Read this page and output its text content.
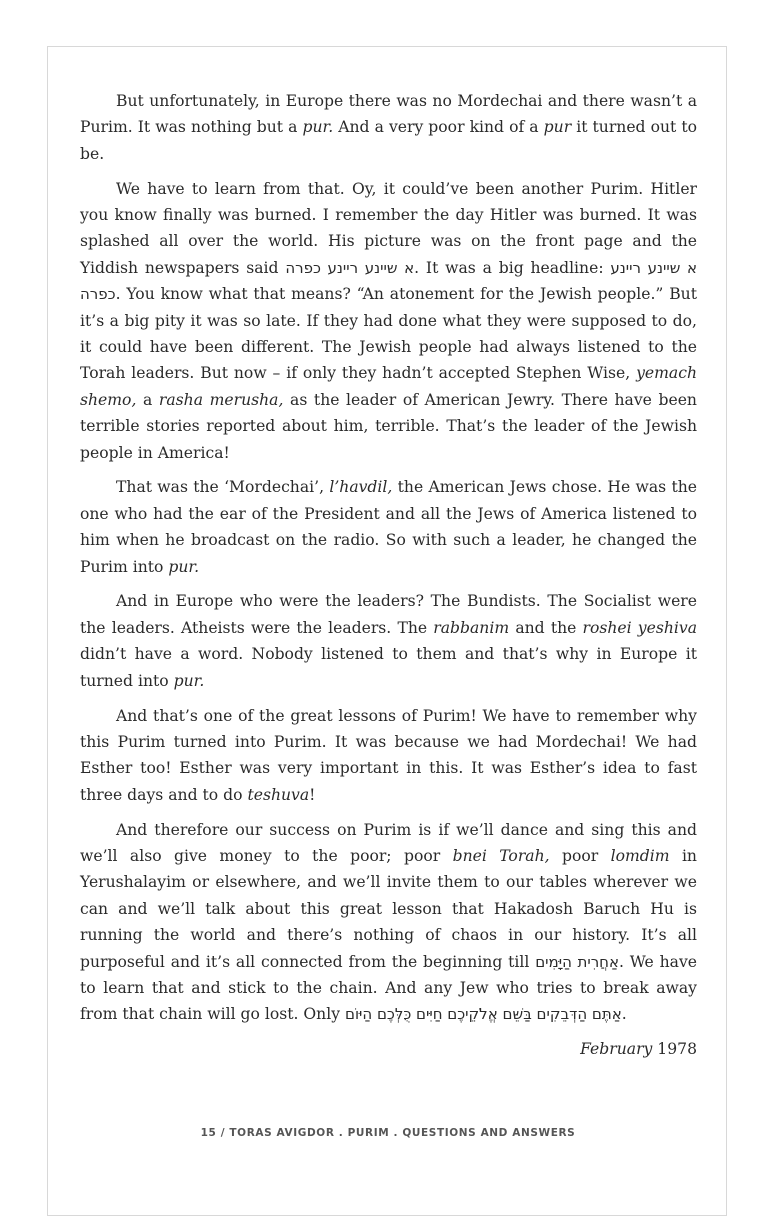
But unfortunately, in Europe there was no Mordechai and there wasn’t a Purim. It was nothing but a pur. And a very poor kind of a pur it turned out to be.

We have to learn from that. Oy, it could’ve been another Purim. Hitler you know finally was burned. I remember the day Hitler was burned. It was splashed all over the world. His picture was on the front page and the Yiddish newspapers said א שיינע ריינע כפרה. It was a big headline: א שיינע ריינע כפרה. You know what that means? “An atonement for the Jewish people.” But it’s a big pity it was so late. If they had done what they were supposed to do, it could have been different. The Jewish people had always listened to the Torah leaders. But now – if only they hadn’t accepted Stephen Wise, yemach shemo, a rasha merusha, as the leader of American Jewry. There have been terrible stories reported about him, terrible. That’s the leader of the Jewish people in America!

That was the ‘Mordechai’, l’havdil, the American Jews chose. He was the one who had the ear of the President and all the Jews of America listened to him when he broadcast on the radio. So with such a leader, he changed the Purim into pur.

And in Europe who were the leaders? The Bundists. The Socialist were the leaders. Atheists were the leaders. The rabbanim and the roshei yeshiva didn’t have a word. Nobody listened to them and that’s why in Europe it turned into pur.

And that’s one of the great lessons of Purim! We have to remember why this Purim turned into Purim. It was because we had Mordechai! We had Esther too! Esther was very important in this. It was Esther’s idea to fast three days and to do teshuva!

And therefore our success on Purim is if we’ll dance and sing this and we’ll also give money to the poor; poor bnei Torah, poor lomdim in Yerushalayim or elsewhere, and we’ll invite them to our tables wherever we can and we’ll talk about this great lesson that Hakadosh Baruch Hu is running the world and there’s nothing of chaos in our history. It’s all purposeful and it’s all connected from the beginning till אַחֲרִית הַיָּמִים. We have to learn that and stick to the chain. And any Jew who tries to break away from that chain will go lost. Only אַתֶּם הַדְּבֵקִים בַּשֵּׁם אֱלֹקֵיכֶם חַיִּים כֻּלְּכֶם הַיּוֹם.

February 1978
15 / TORAS AVIGDOR . PURIM . QUESTIONS AND ANSWERS
